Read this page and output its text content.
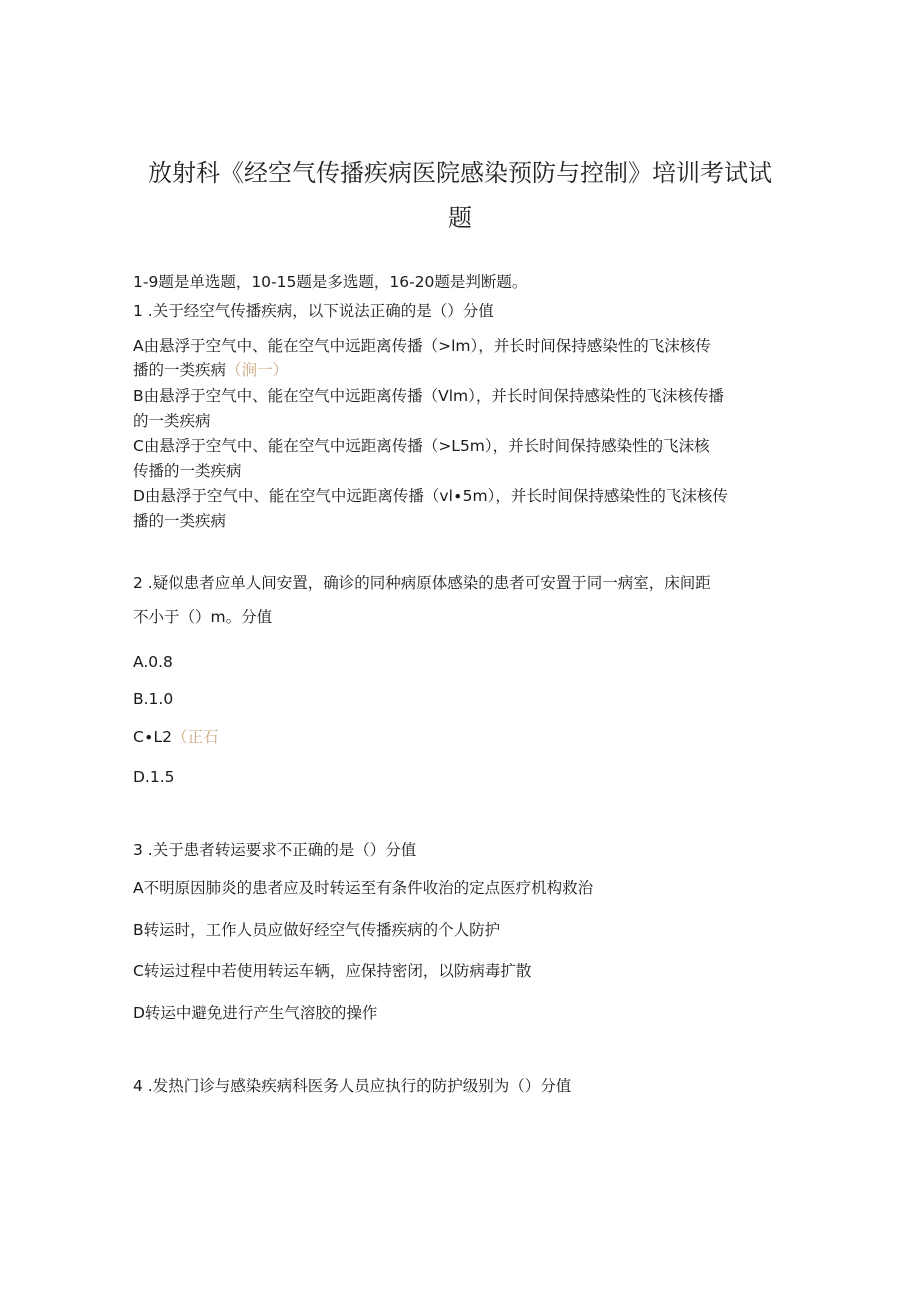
放射科《经空气传播疾病医院感染预防与控制》培训考试试
题
1-9题是单选题，10-15题是多选题，16-20题是判断题。
1 .关于经空气传播疾病，以下说法正确的是（）分值
A由悬浮于空气中、能在空气中远距离传播（>lm），并长时间保持感染性的飞沫核传
播的一类疾病（涧一）
B由悬浮于空气中、能在空气中远距离传播（Vlm），并长时间保持感染性的飞沫核传播
的一类疾病
C由悬浮于空气中、能在空气中远距离传播（>L5m），并长时间保持感染性的飞沫核
传播的一类疾病
D由悬浮于空气中、能在空气中远距离传播（vl∙5m），并长时间保持感染性的飞沫核传
播的一类疾病
2 .疑似患者应单人间安置，确诊的同种病原体感染的患者可安置于同一病室，床间距
不小于（）m。分值
A.0.8
B.1.0
C∙L2（正石
D.1.5
3 .关于患者转运要求不正确的是（）分值
A不明原因肺炎的患者应及时转运至有条件收治的定点医疗机构救治
B转运时，工作人员应做好经空气传播疾病的个人防护
C转运过程中若使用转运车辆，应保持密闭，以防病毒扩散
D转运中避免进行产生气溶胶的操作
4 .发热门诊与感染疾病科医务人员应执行的防护级别为（）分值
